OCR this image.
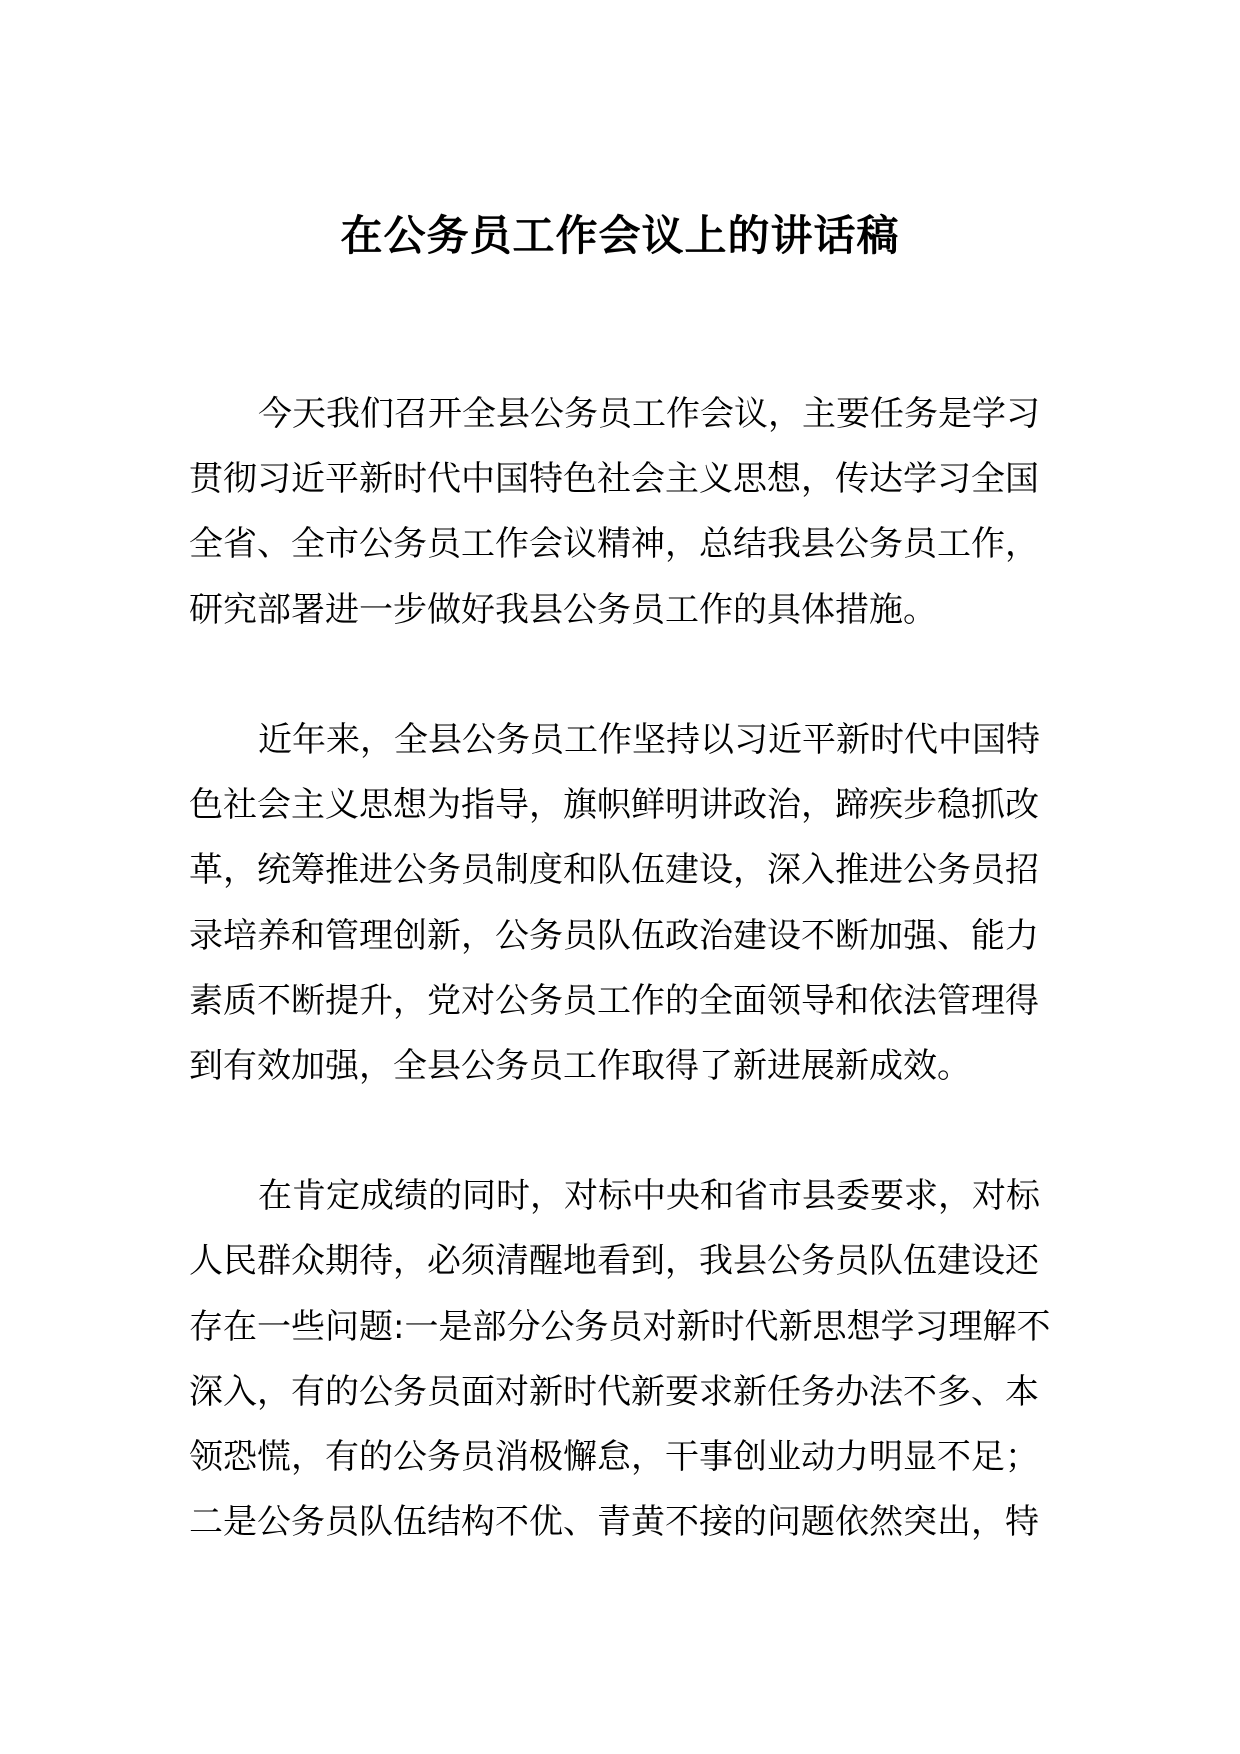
在公务员工作会议上的讲话稿
今天我们召开全县公务员工作会议，主要任务是学习
贯彻习近平新时代中国特色社会主义思想，传达学习全国
全省、全市公务员工作会议精神，总结我县公务员工作，
研究部署进一步做好我县公务员工作的具体措施。
近年来，全县公务员工作坚持以习近平新时代中国特
色社会主义思想为指导，旗帜鲜明讲政治，蹄疾步稳抓改
革，统筹推进公务员制度和队伍建设，深入推进公务员招
录培养和管理创新，公务员队伍政治建设不断加强、能力
素质不断提升，党对公务员工作的全面领导和依法管理得
到有效加强，全县公务员工作取得了新进展新成效。
在肯定成绩的同时，对标中央和省市县委要求，对标
人民群众期待，必须清醒地看到，我县公务员队伍建设还
存在一些问题:一是部分公务员对新时代新思想学习理解不
深入，有的公务员面对新时代新要求新任务办法不多、本
领恐慌，有的公务员消极懈怠，干事创业动力明显不足；
二是公务员队伍结构不优、青黄不接的问题依然突出，特
